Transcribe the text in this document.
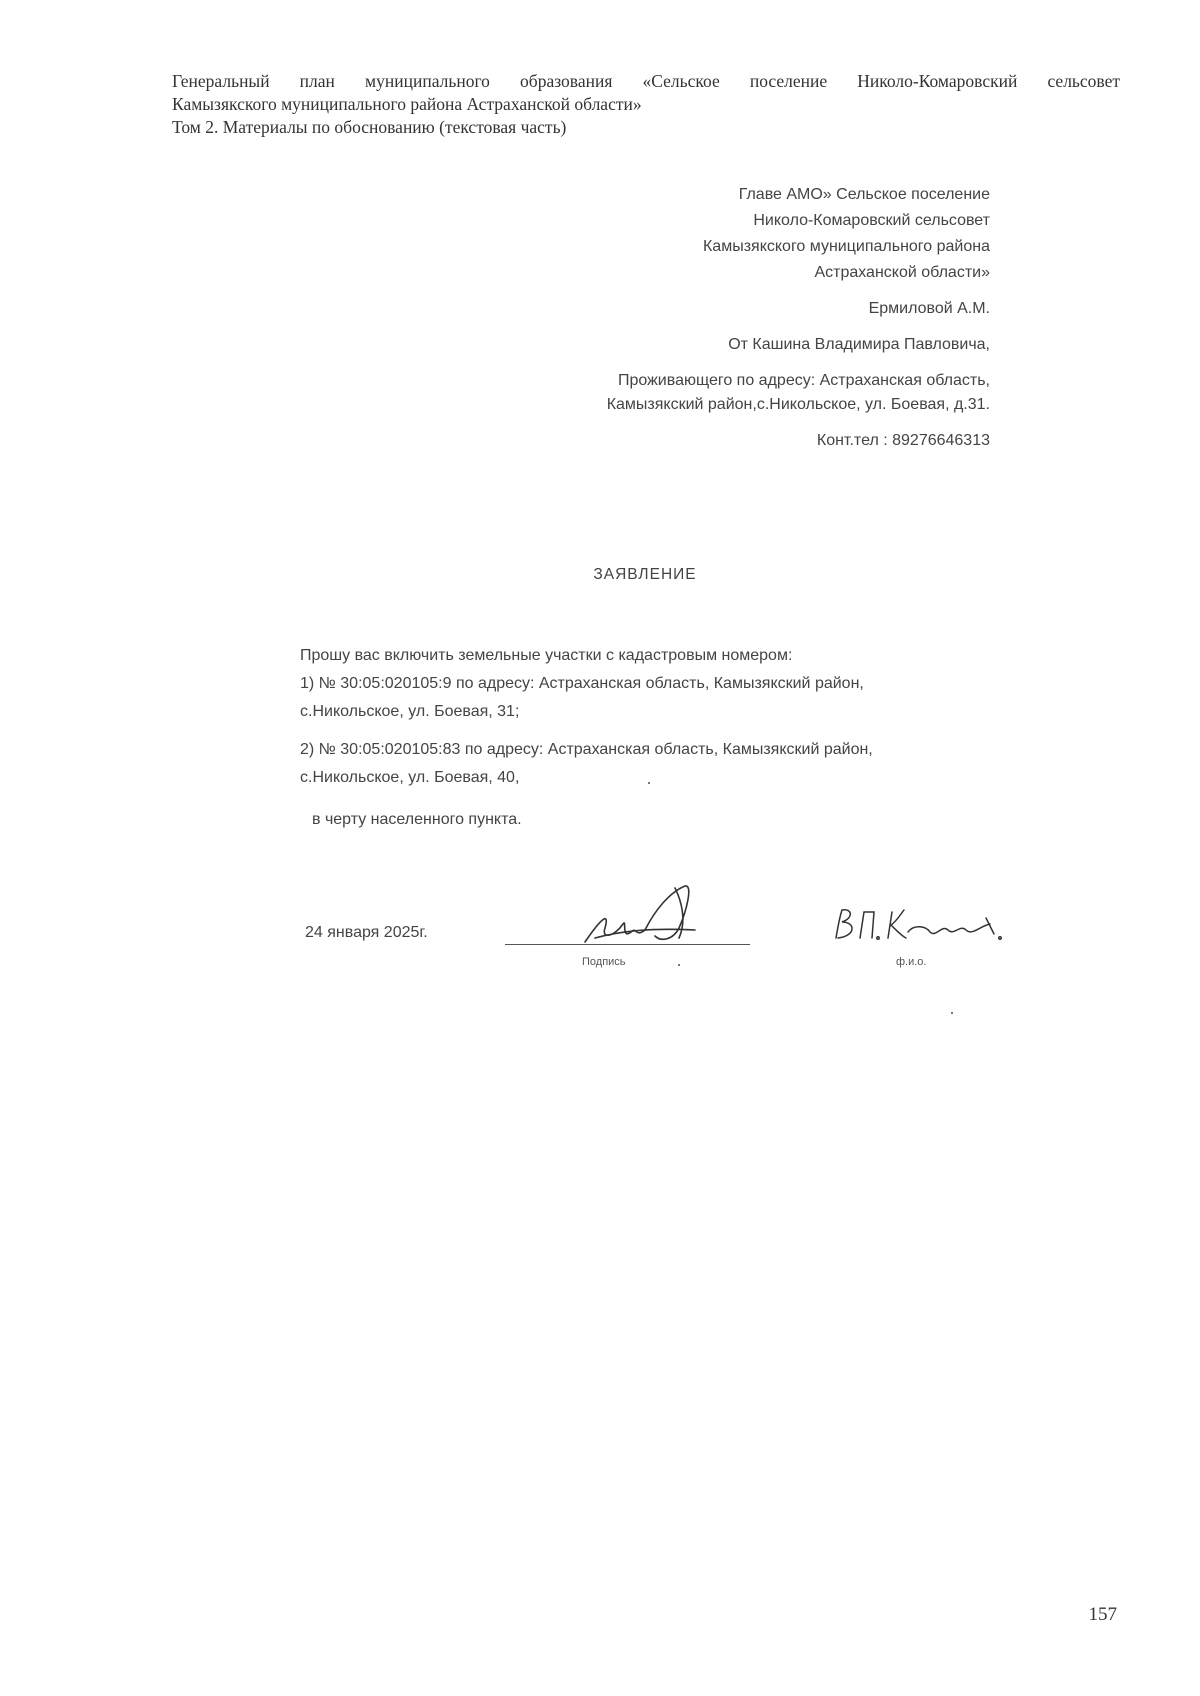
Генеральный план муниципального образования «Сельское поселение Николо-Комаровский сельсовет
Камызякского муниципального района Астраханской области»
Том 2. Материалы по обоснованию (текстовая часть)
Главе АМО» Сельское поселение
Николо-Комаровский сельсовет
Камызякского муниципального района
Астраханской области»
Ермиловой А.М.
От Кашина Владимира Павловича,
Проживающего по адресу: Астраханская область,
Камызякский район,с.Никольское, ул. Боевая, д.31.
Конт.тел : 89276646313
ЗАЯВЛЕНИЕ
Прошу вас включить земельные участки с кадастровым номером:
1) № 30:05:020105:9 по адресу: Астраханская область, Камызякский район,
с.Никольское, ул. Боевая, 31;
2) № 30:05:020105:83 по адресу: Астраханская область, Камызякский район,
с.Никольское, ул. Боевая, 40,
в черту населенного пункта.
24 января 2025г.
Подпись	ф.и.о.
157
